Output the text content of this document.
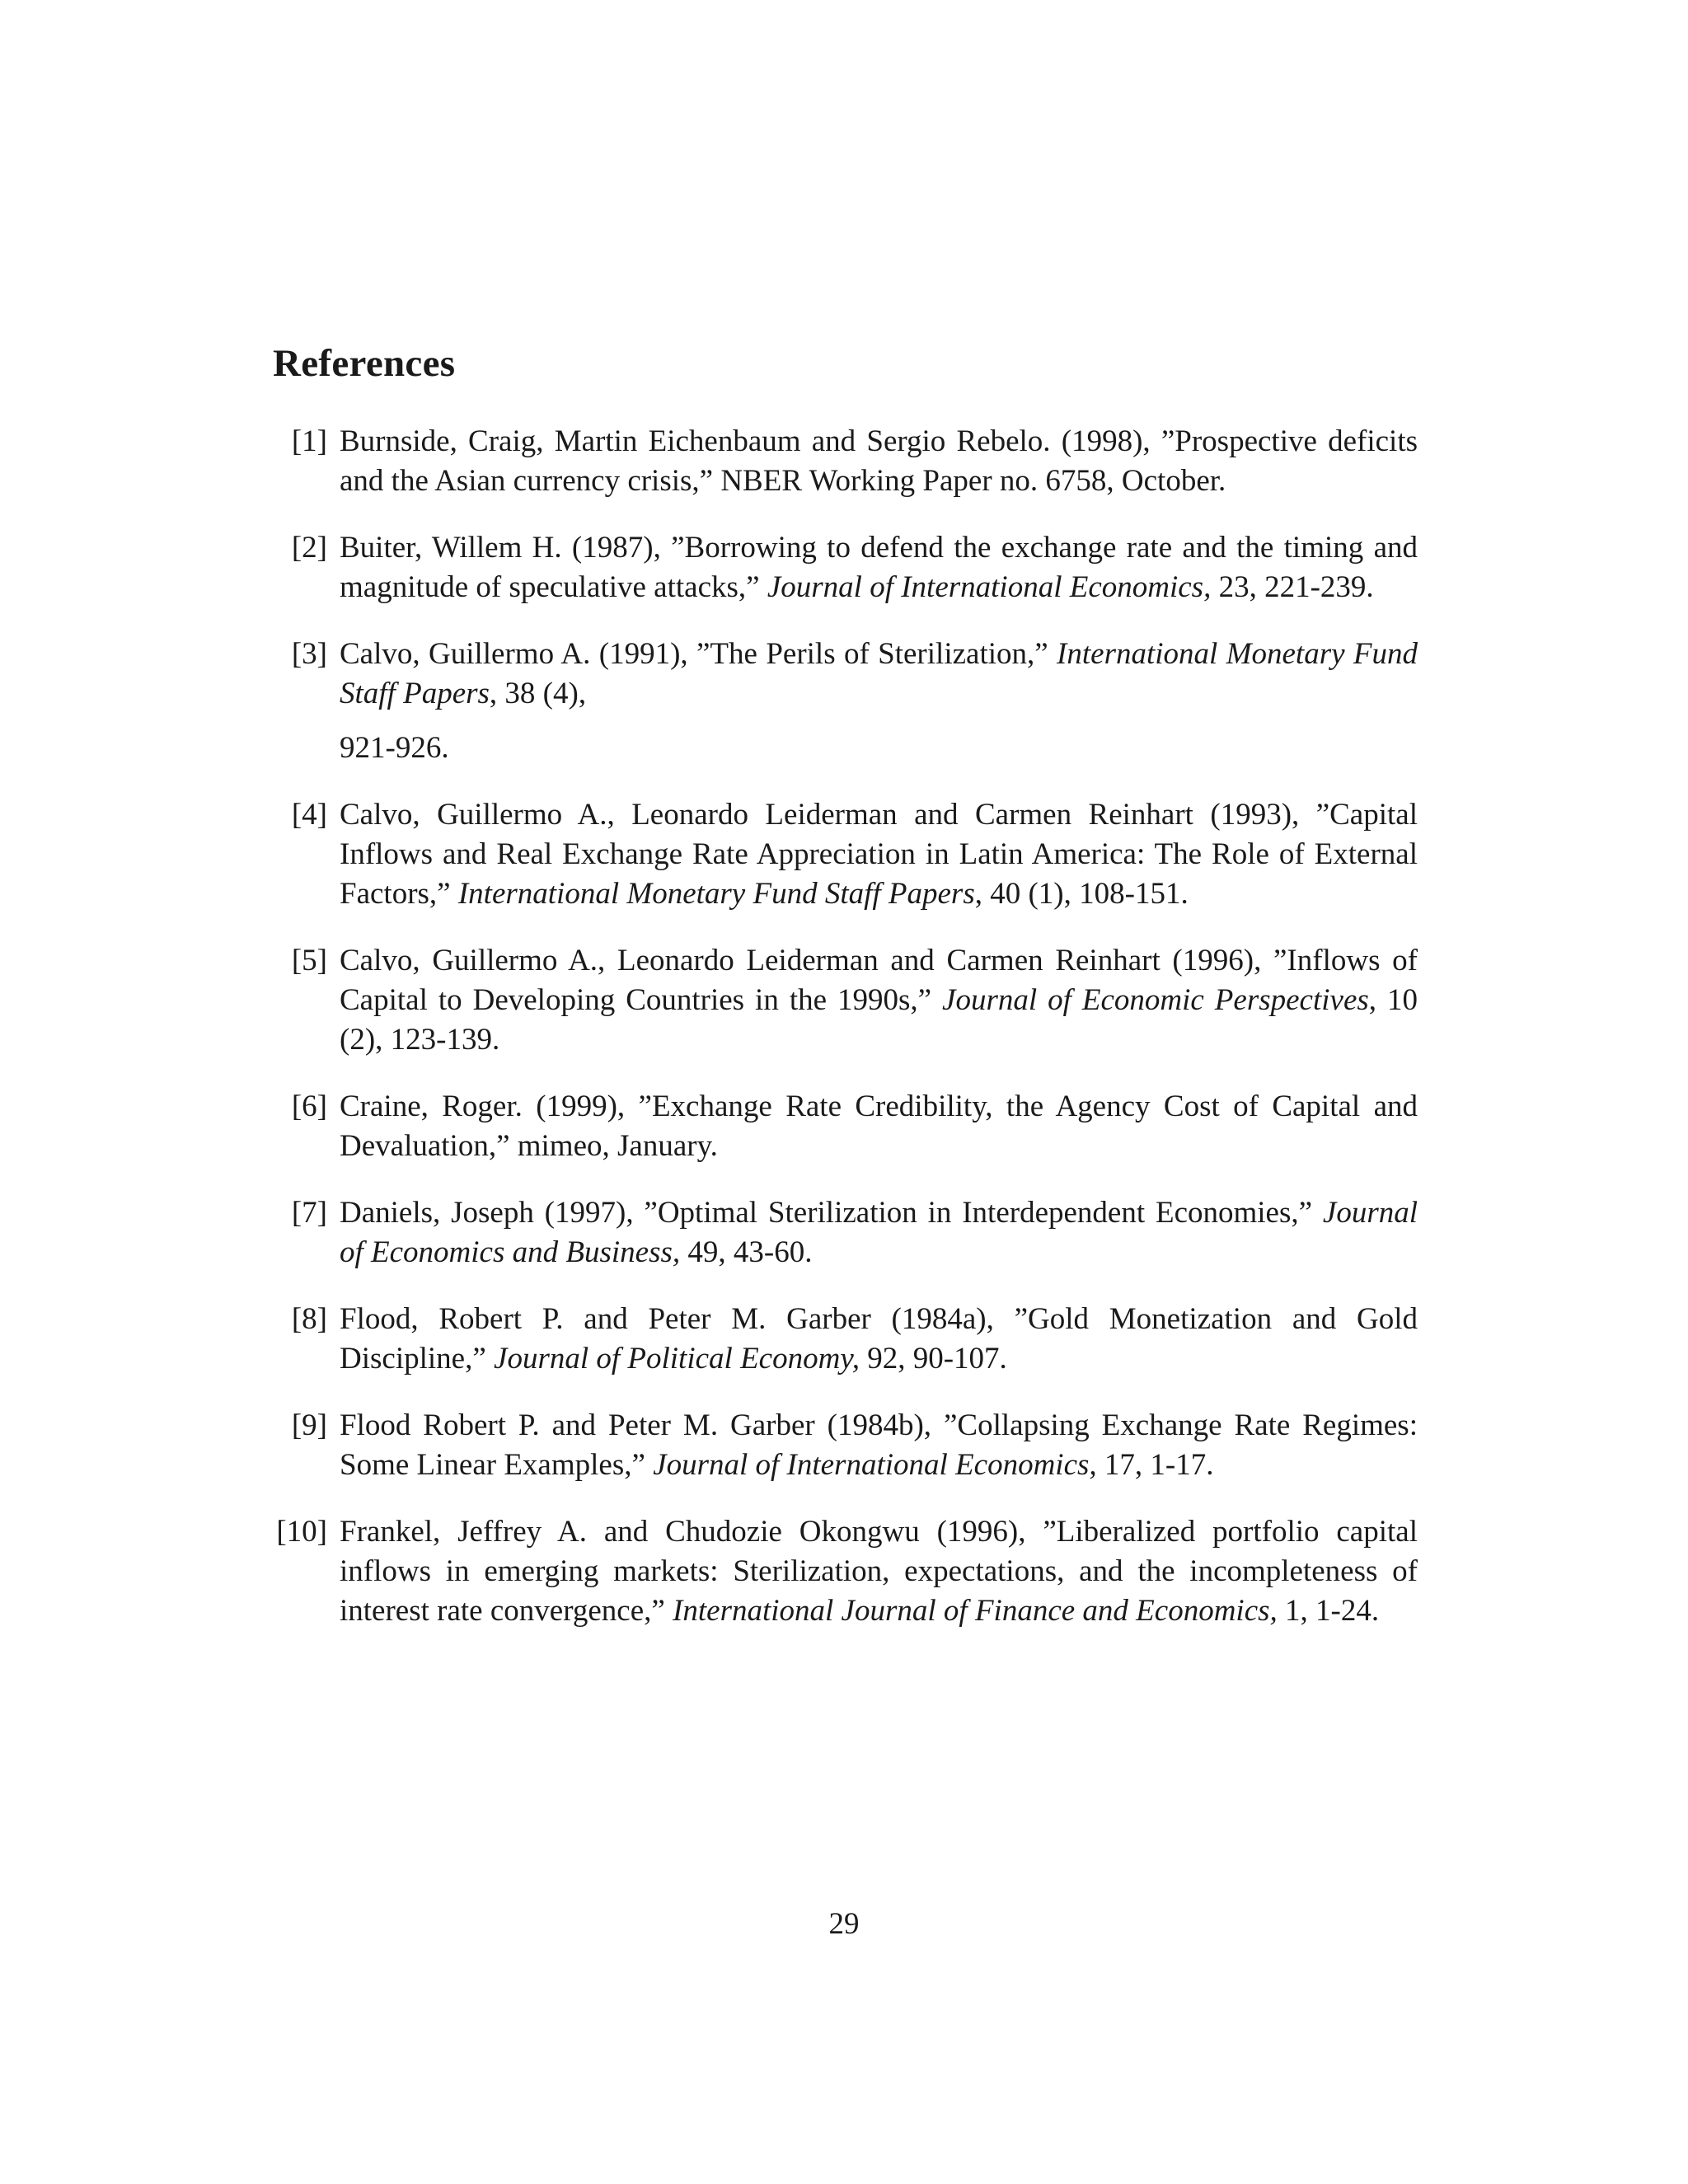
References
[1] Burnside, Craig, Martin Eichenbaum and Sergio Rebelo. (1998), ”Prospective deficits and the Asian currency crisis,” NBER Working Paper no. 6758, October.
[2] Buiter, Willem H. (1987), ”Borrowing to defend the exchange rate and the timing and magnitude of speculative attacks,” Journal of International Economics, 23, 221-239.
[3] Calvo, Guillermo A. (1991), ”The Perils of Sterilization,” International Monetary Fund Staff Papers, 38 (4),
921-926.
[4] Calvo, Guillermo A., Leonardo Leiderman and Carmen Reinhart (1993), ”Capital Inflows and Real Exchange Rate Appreciation in Latin America: The Role of External Factors,” International Monetary Fund Staff Papers, 40 (1), 108-151.
[5] Calvo, Guillermo A., Leonardo Leiderman and Carmen Reinhart (1996), ”Inflows of Capital to Developing Countries in the 1990s,” Journal of Economic Perspectives, 10 (2), 123-139.
[6] Craine, Roger. (1999), ”Exchange Rate Credibility, the Agency Cost of Capital and Devaluation,” mimeo, January.
[7] Daniels, Joseph (1997), ”Optimal Sterilization in Interdependent Economies,” Journal of Economics and Business, 49, 43-60.
[8] Flood, Robert P. and Peter M. Garber (1984a), ”Gold Monetization and Gold Discipline,” Journal of Political Economy, 92, 90-107.
[9] Flood Robert P. and Peter M. Garber (1984b), ”Collapsing Exchange Rate Regimes: Some Linear Examples,” Journal of International Economics, 17, 1-17.
[10] Frankel, Jeffrey A. and Chudozie Okongwu (1996), ”Liberalized portfolio capital inflows in emerging markets: Sterilization, expectations, and the incompleteness of interest rate convergence,” International Journal of Finance and Economics, 1, 1-24.
29
